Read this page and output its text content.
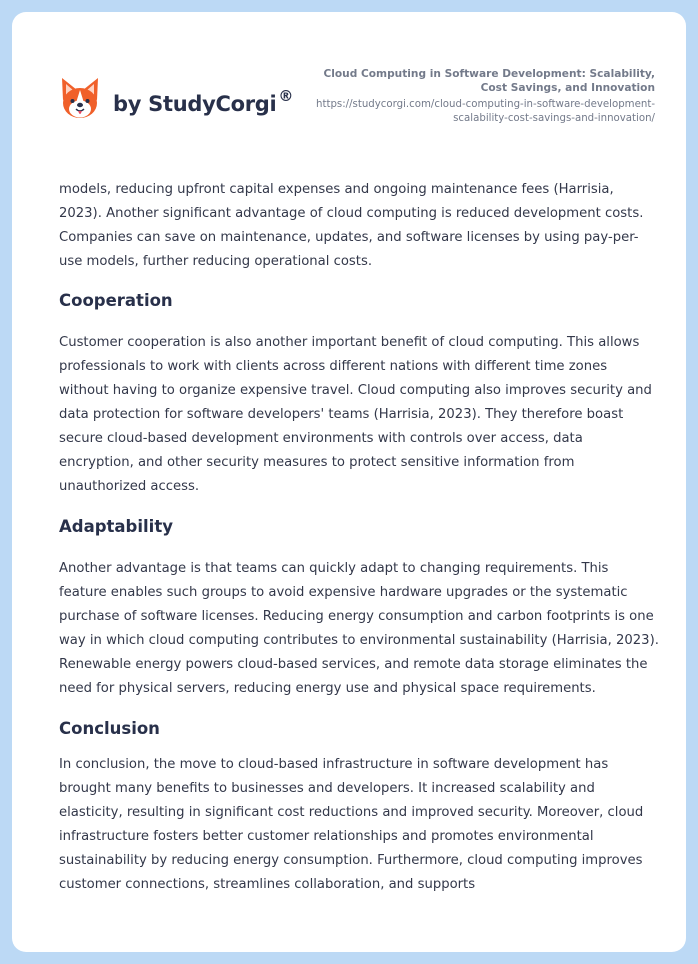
by StudyCorgi ®
Cloud Computing in Software Development: Scalability, Cost Savings, and Innovation
https://studycorgi.com/cloud-computing-in-software-development-scalability-cost-savings-and-innovation/

models, reducing upfront capital expenses and ongoing maintenance fees (Harrisia, 2023). Another significant advantage of cloud computing is reduced development costs. Companies can save on maintenance, updates, and software licenses by using pay-per-use models, further reducing operational costs.

Cooperation

Customer cooperation is also another important benefit of cloud computing. This allows professionals to work with clients across different nations with different time zones without having to organize expensive travel. Cloud computing also improves security and data protection for software developers' teams (Harrisia, 2023). They therefore boast secure cloud-based development environments with controls over access, data encryption, and other security measures to protect sensitive information from unauthorized access.

Adaptability

Another advantage is that teams can quickly adapt to changing requirements. This feature enables such groups to avoid expensive hardware upgrades or the systematic purchase of software licenses. Reducing energy consumption and carbon footprints is one way in which cloud computing contributes to environmental sustainability (Harrisia, 2023). Renewable energy powers cloud-based services, and remote data storage eliminates the need for physical servers, reducing energy use and physical space requirements.

Conclusion

In conclusion, the move to cloud-based infrastructure in software development has brought many benefits to businesses and developers. It increased scalability and elasticity, resulting in significant cost reductions and improved security. Moreover, cloud infrastructure fosters better customer relationships and promotes environmental sustainability by reducing energy consumption. Furthermore, cloud computing improves customer connections, streamlines collaboration, and supports
